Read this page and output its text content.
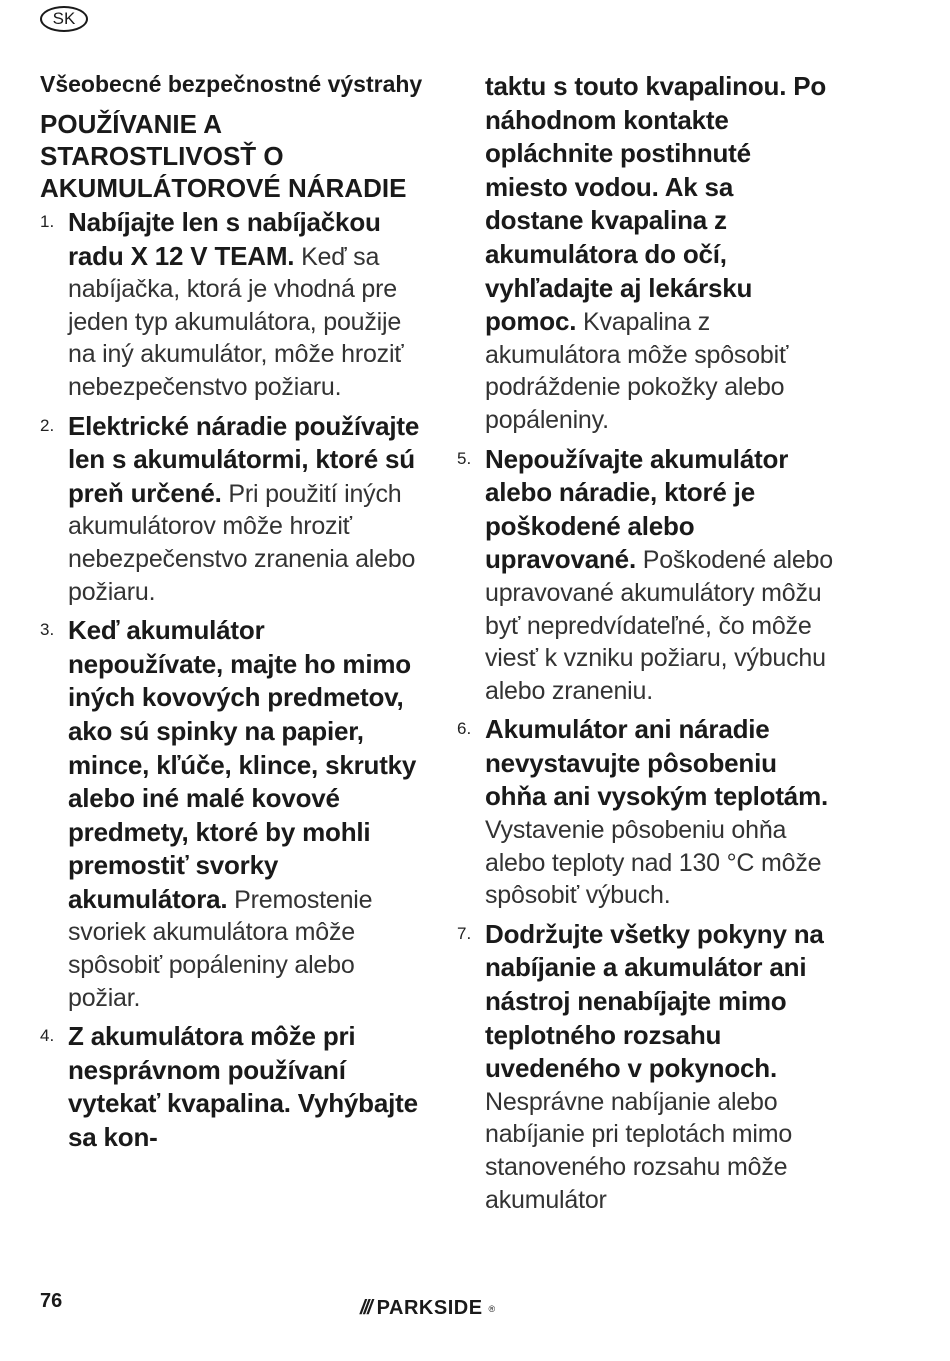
SK
Všeobecné bezpečnostné výstrahy
POUŽÍVANIE A STAROSTLIVOSŤ O AKUMULÁTOROVÉ NÁRADIE
1. Nabíjajte len s nabíjačkou radu X 12 V TEAM. Keď sa nabíjačka, ktorá je vhodná pre jeden typ akumulátora, použije na iný akumulátor, môže hroziť nebezpečenstvo požiaru.
2. Elektrické náradie používajte len s akumulátormi, ktoré sú preň určené. Pri použití iných akumulátorov môže hroziť nebezpečenstvo zranenia alebo požiaru.
3. Keď akumulátor nepoužívate, majte ho mimo iných kovových predmetov, ako sú spinky na papier, mince, kľúče, klince, skrutky alebo iné malé kovové predmety, ktoré by mohli premostiť svorky akumulátora. Premostenie svoriek akumulátora môže spôsobiť popáleniny alebo požiar.
4. Z akumulátora môže pri nesprávnom používaní vytekať kvapalina. Vyhýbajte sa kon-
taktu s touto kvapalinou. Po náhodnom kontakte opláchnite postihnuté miesto vodou. Ak sa dostane kvapalina z akumulátora do očí, vyhľadajte aj lekársku pomoc. Kvapalina z akumulátora môže spôsobiť podráždenie pokožky alebo popáleniny.
5. Nepoužívajte akumulátor alebo náradie, ktoré je poškodené alebo upravované. Poškodené alebo upravované akumulátory môžu byť nepredvídateľné, čo môže viesť k vzniku požiaru, výbuchu alebo zraneniu.
6. Akumulátor ani náradie nevystavujte pôsobeniu ohňa ani vysokým teplotám. Vystavenie pôsobeniu ohňa alebo teploty nad 130 °C môže spôsobiť výbuch.
7. Dodržujte všetky pokyny na nabíjanie a akumulátor ani nástroj nenabíjajte mimo teplotného rozsahu uvedeného v pokynoch. Nesprávne nabíjanie alebo nabíjanie pri teplotách mimo stanoveného rozsahu môže akumulátor
76	/// PARKSIDE ®
